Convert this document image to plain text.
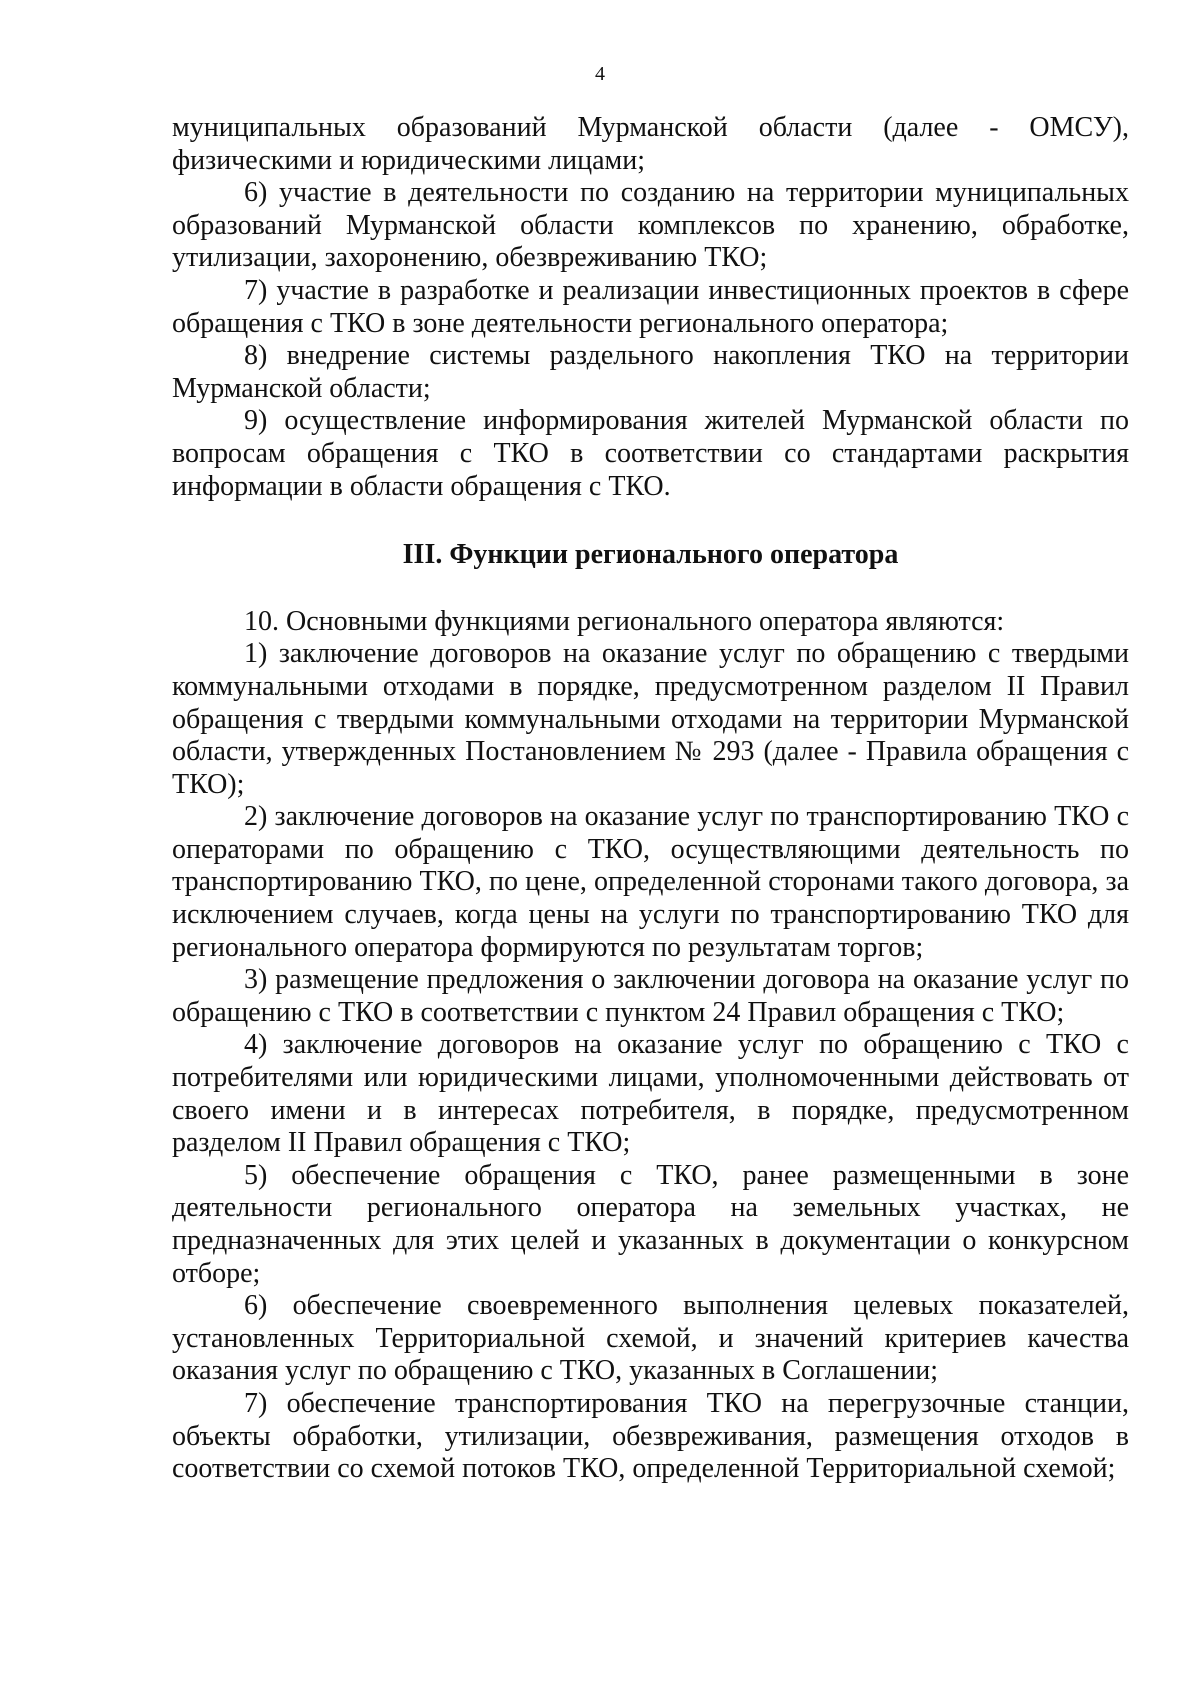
4

муниципальных образований Мурманской области (далее - ОМСУ), физическими и юридическими лицами;

6) участие в деятельности по созданию на территории муниципальных образований Мурманской области комплексов по хранению, обработке, утилизации, захоронению, обезвреживанию ТКО;

7) участие в разработке и реализации инвестиционных проектов в сфере обращения с ТКО в зоне деятельности регионального оператора;

8) внедрение системы раздельного накопления ТКО на территории Мурманской области;

9) осуществление информирования жителей Мурманской области по вопросам обращения с ТКО в соответствии со стандартами раскрытия информации в области обращения с ТКО.

III. Функции регионального оператора

10. Основными функциями регионального оператора являются:

1) заключение договоров на оказание услуг по обращению с твердыми коммунальными отходами в порядке, предусмотренном разделом II Правил обращения с твердыми коммунальными отходами на территории Мурманской области, утвержденных Постановлением № 293 (далее - Правила обращения с ТКО);

2) заключение договоров на оказание услуг по транспортированию ТКО с операторами по обращению с ТКО, осуществляющими деятельность по транспортированию ТКО, по цене, определенной сторонами такого договора, за исключением случаев, когда цены на услуги по транспортированию ТКО для регионального оператора формируются по результатам торгов;

3) размещение предложения о заключении договора на оказание услуг по обращению с ТКО в соответствии с пунктом 24 Правил обращения с ТКО;

4) заключение договоров на оказание услуг по обращению с ТКО с потребителями или юридическими лицами, уполномоченными действовать от своего имени и в интересах потребителя, в порядке, предусмотренном разделом II Правил обращения с ТКО;

5) обеспечение обращения с ТКО, ранее размещенными в зоне деятельности регионального оператора на земельных участках, не предназначенных для этих целей и указанных в документации о конкурсном отборе;

6) обеспечение своевременного выполнения целевых показателей, установленных Территориальной схемой, и значений критериев качества оказания услуг по обращению с ТКО, указанных в Соглашении;

7) обеспечение транспортирования ТКО на перегрузочные станции, объекты обработки, утилизации, обезвреживания, размещения отходов в соответствии со схемой потоков ТКО, определенной Территориальной схемой;
